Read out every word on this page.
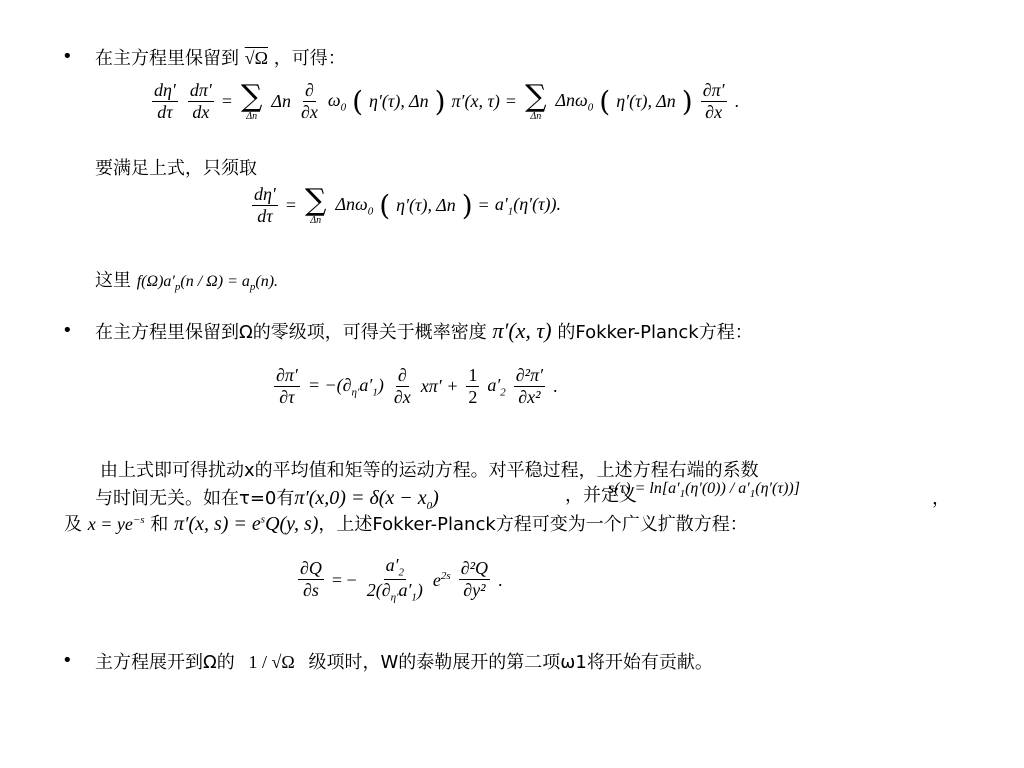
• 在主方程里保留到 √Ω ，可得：
$\frac{d\eta'}{d\tau} \frac{d\pi'}{dx}$ = ∑
Δn
Δn $\frac{\partial}{\partial x} \omega_0$ ( η′(τ), Δn ) π′(x, τ) = ∑
Δn
Δnω$_0$ ( η′(τ), Δn ) $\frac{\partial\pi'}{\partial x}$ .
要满足上式，只须取
$\frac{d\eta'}{d\tau}$ = ∑
Δn
Δnω$_0$ ( η′(τ), Δn ) = $a'_1(\eta'(\tau))$.
这里 $f(\Omega)a'_p(n / \Omega) = a_p(n)$.
• 在主方程里保留到Ω的零级项，可得关于概率密度 π′(x, τ) 的Fokker-Planck方程：
$\frac{\partial\pi'}{\partial\tau} = -(\partial_{\eta'}a'_1) \frac{\partial}{\partial x} x\pi' + \frac{1}{2} a'_2 \frac{\text{∂²π′}}{\text{∂x²}}$ .
由上式即可得扰动x的平均值和矩等的运动方程。对平稳过程，上述方程右端的系数
与时间无关。如在τ=0有$\pi'(x,0) = \delta(x - x_0)$	，并定义
$s(\tau) = \ln[a'_1(\eta'(0)) / a'_1(\eta'(\tau))]$	，
及 $x = ye^{-s}$ 和 π′(x, $s) = e^sQ(y$, s)，上述Fokker-Planck方程可变为一个广义扩散方程：
$\frac{\partial Q}{\partial s}$ = − $\frac{a'_2}{2(\partial_{\eta'}a'_1)} e^{2s} \frac{\text{∂²Q}}{\text{∂y²}}$ .
• 主方程展开到Ω的 1 / √Ω 级项时，W的泰勒展开的第二项ω1将开始有贡献。
